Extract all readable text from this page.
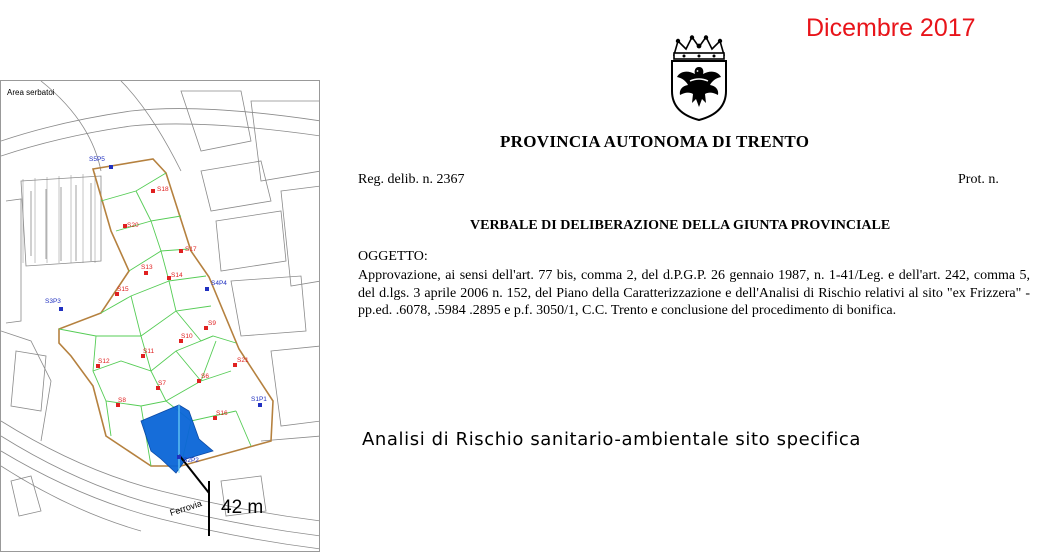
Dicembre 2017
PROVINCIA AUTONOMA DI TRENTO
Reg. delib. n. 2367	Prot. n.
VERBALE DI DELIBERAZIONE DELLA GIUNTA PROVINCIALE
OGGETTO:

Approvazione, ai sensi dell'art. 77 bis, comma 2, del d.P.G.P. 26 gennaio 1987, n. 1-41/Leg. e dell'art. 242, comma 5, del d.lgs. 3 aprile 2006 n. 152, del Piano della Caratterizzazione e dell'Analisi di Rischio relativi al sito "ex Frizzera" - pp.ed. .6078, .5984 .2895 e p.f. 3050/1, C.C. Trento e conclusione del procedimento di bonifica.

Analisi di Rischio sanitario-ambientale sito specifica
Area serbatoi
Ferrovia 42 m
S5P5
S3P3
S4P4
S1P1
S2P2
S18
S20
S17
S13
S14
S15
S9
S10
S11
S12	S21
S6
S7
S8
S16
